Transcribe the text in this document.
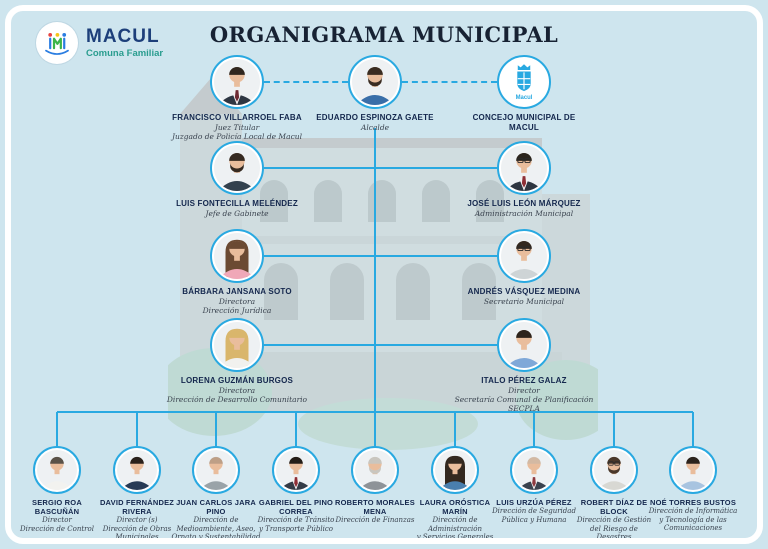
MACUL
Comuna Familiar
ORGANIGRAMA MUNICIPAL
FRANCISCO VILLARROEL FABA
Juez Titular
Juzgado de Policía Local de Macul
EDUARDO ESPINOZA GAETE
Alcalde
Macul
CONCEJO MUNICIPAL DE MACUL
LUIS FONTECILLA MELÉNDEZ
Jefe de Gabinete
JOSÉ LUIS LEÓN MÁRQUEZ
Administración Municipal
BÁRBARA JANSANA SOTO
Directora
Dirección Jurídica
ANDRÉS VÁSQUEZ MEDINA
Secretario Municipal
LORENA GUZMÁN BURGOS
Directora
Dirección de Desarrollo Comunitario
ITALO PÉREZ GALAZ
Director
Secretaría Comunal de Planificación
SECPLA
SERGIO ROA BASCUÑÁN
Director
Dirección de Control
DAVID FERNÁNDEZ RIVERA
Director (s)
Dirección de Obras
Municipales
JUAN CARLOS JARA PINO
Dirección de
Medioambiente, Aseo,
Ornato y Sustentabilidad
GABRIEL DEL PINO CORREA
Dirección de Tránsito
y Transporte Público
ROBERTO MORALES MENA
Dirección de Finanzas
LAURA ORÓSTICA MARÍN
Dirección de
Administración
y Servicios Generales
LUIS URZÚA PÉREZ
Dirección de Seguridad
Pública y Humana
ROBERT DÍAZ DE BLOCK
Dirección de Gestión
del Riesgo de Desastres
NOÉ TORRES BUSTOS
Dirección de Informática
y Tecnología de las
Comunicaciones
